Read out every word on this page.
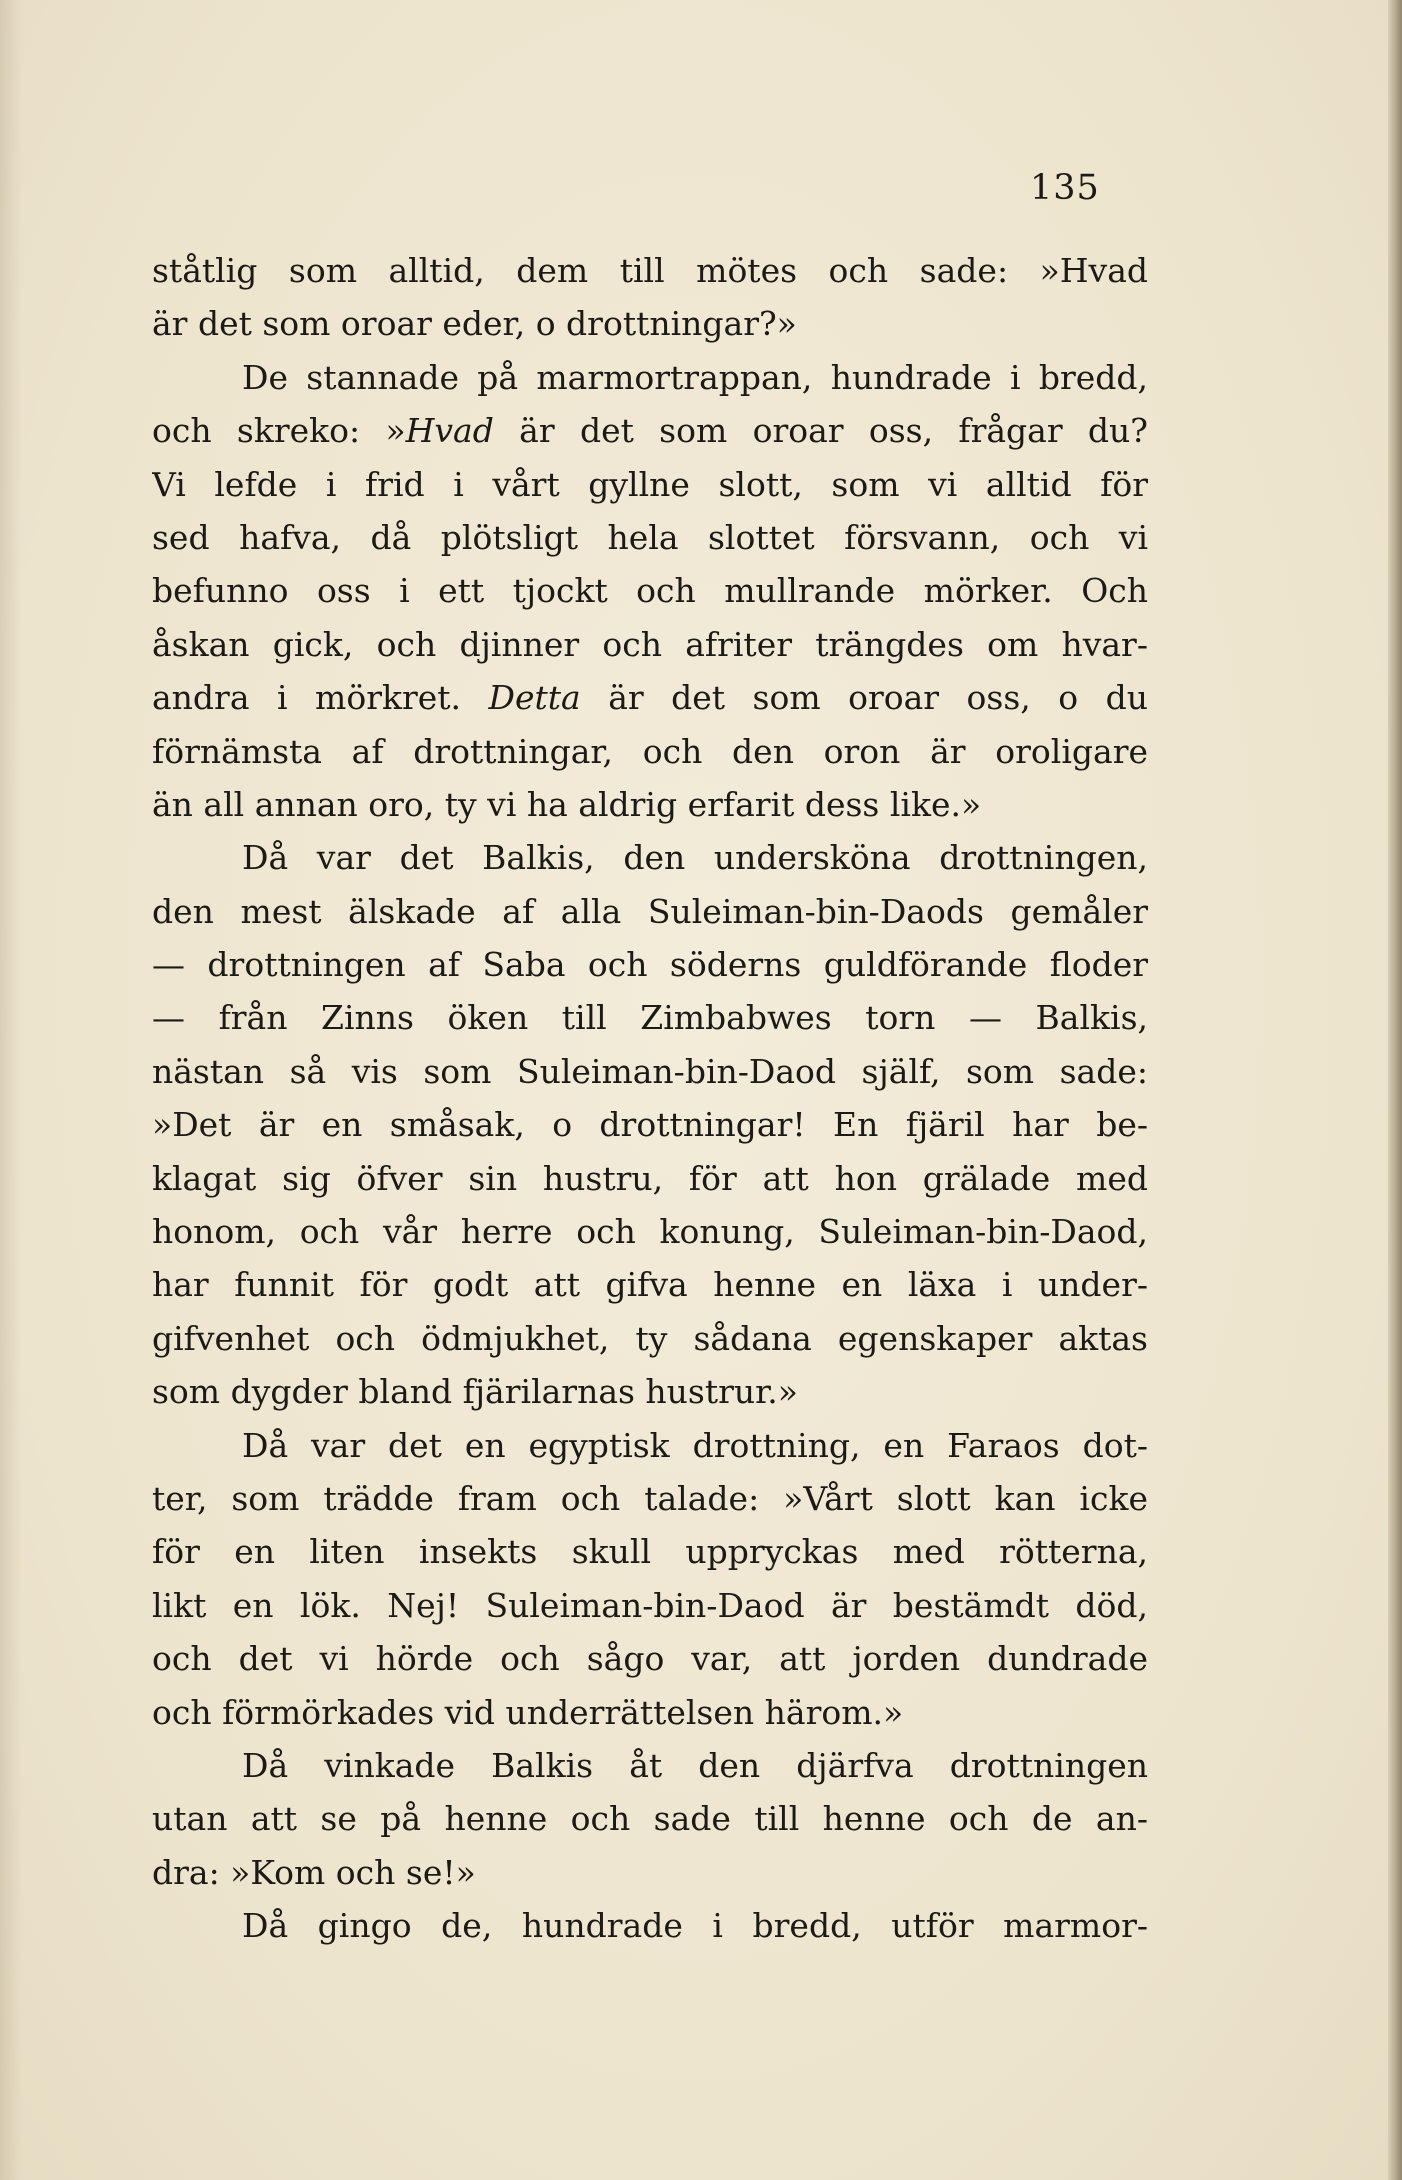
135
ståtlig som alltid, dem till mötes och sade: »Hvad
är det som oroar eder, o drottningar?»
De stannade på marmortrappan, hundrade i bredd,
och skreko: »Hvad är det som oroar oss, frågar du?
Vi lefde i frid i vårt gyllne slott, som vi alltid för
sed hafva, då plötsligt hela slottet försvann, och vi
befunno oss i ett tjockt och mullrande mörker. Och
åskan gick, och djinner och afriter trängdes om hvar-
andra i mörkret. Detta är det som oroar oss, o du
förnämsta af drottningar, och den oron är oroligare
än all annan oro, ty vi ha aldrig erfarit dess like.»
Då var det Balkis, den undersköna drottningen,
den mest älskade af alla Suleiman-bin-Daods gemåler
— drottningen af Saba och söderns guldförande floder
— från Zinns öken till Zimbabwes torn — Balkis,
nästan så vis som Suleiman-bin-Daod själf, som sade:
»Det är en småsak, o drottningar! En fjäril har be-
klagat sig öfver sin hustru, för att hon grälade med
honom, och vår herre och konung, Suleiman-bin-Daod,
har funnit för godt att gifva henne en läxa i under-
gifvenhet och ödmjukhet, ty sådana egenskaper aktas
som dygder bland fjärilarnas hustrur.»
Då var det en egyptisk drottning, en Faraos dot-
ter, som trädde fram och talade: »Vårt slott kan icke
för en liten insekts skull uppryckas med rötterna,
likt en lök. Nej! Suleiman-bin-Daod är bestämdt död,
och det vi hörde och sågo var, att jorden dundrade
och förmörkades vid underrättelsen härom.»
Då vinkade Balkis åt den djärfva drottningen
utan att se på henne och sade till henne och de an-
dra: »Kom och se!»
Då gingo de, hundrade i bredd, utför marmor-
